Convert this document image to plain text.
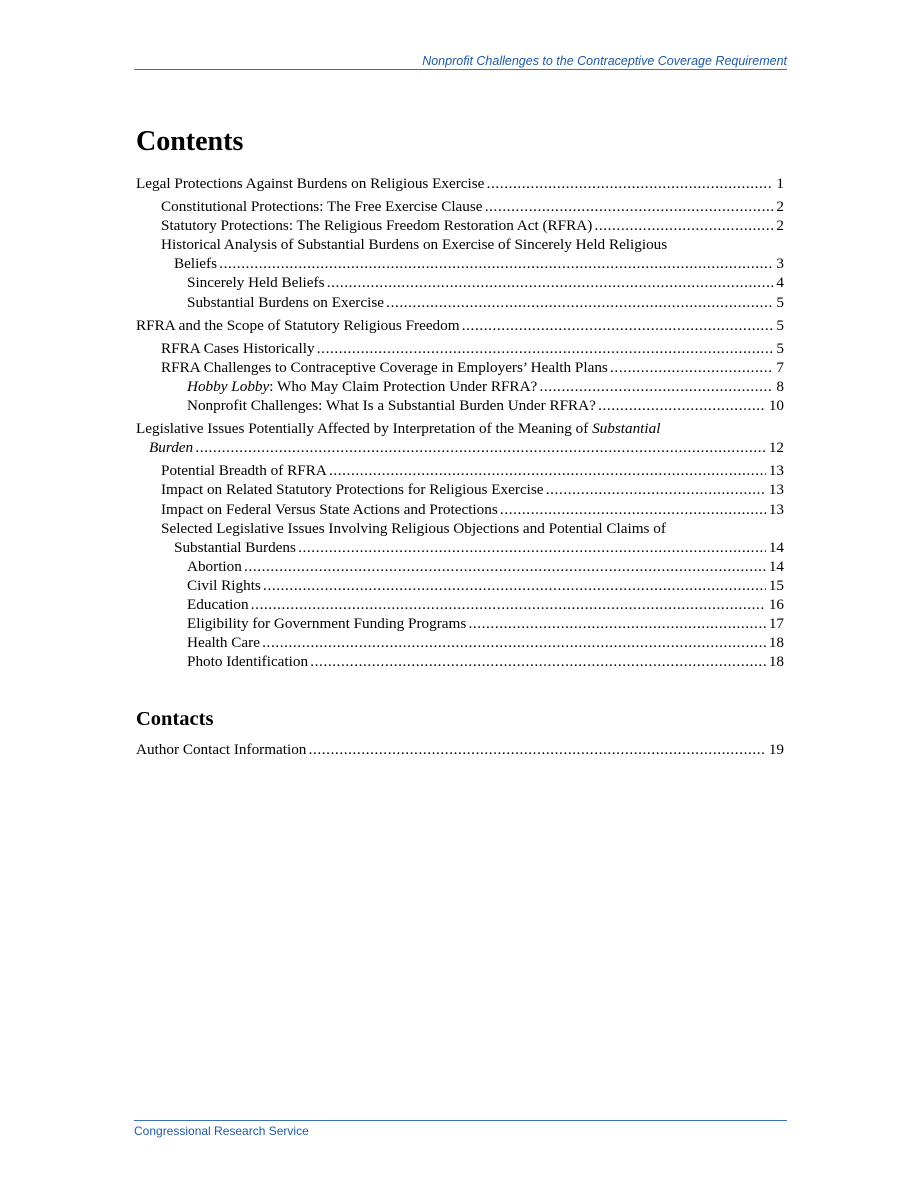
Nonprofit Challenges to the Contraceptive Coverage Requirement
Contents
Legal Protections Against Burdens on Religious Exercise . . .	1
Constitutional Protections: The Free Exercise Clause . . .	2
Statutory Protections: The Religious Freedom Restoration Act (RFRA) . . .	2
Historical Analysis of Substantial Burdens on Exercise of Sincerely Held Religious
Beliefs . . .	3
Sincerely Held Beliefs . . .	4
Substantial Burdens on Exercise . . .	5
RFRA and the Scope of Statutory Religious Freedom . . .	5
RFRA Cases Historically . . .	5
RFRA Challenges to Contraceptive Coverage in Employers’ Health Plans . . .	7
Hobby Lobby: Who May Claim Protection Under RFRA? . . .	8
Nonprofit Challenges: What Is a Substantial Burden Under RFRA? . . .	10
Legislative Issues Potentially Affected by Interpretation of the Meaning of Substantial
Burden . . .	12
Potential Breadth of RFRA . . .	13
Impact on Related Statutory Protections for Religious Exercise . . .	13
Impact on Federal Versus State Actions and Protections . . .	13
Selected Legislative Issues Involving Religious Objections and Potential Claims of
Substantial Burdens . . .	14
Abortion . . .	14
Civil Rights . . .	15
Education . . .	16
Eligibility for Government Funding Programs . . .	17
Health Care . . .	18
Photo Identification . . .	18
Contacts
Author Contact Information . . .	19
Congressional Research Service
